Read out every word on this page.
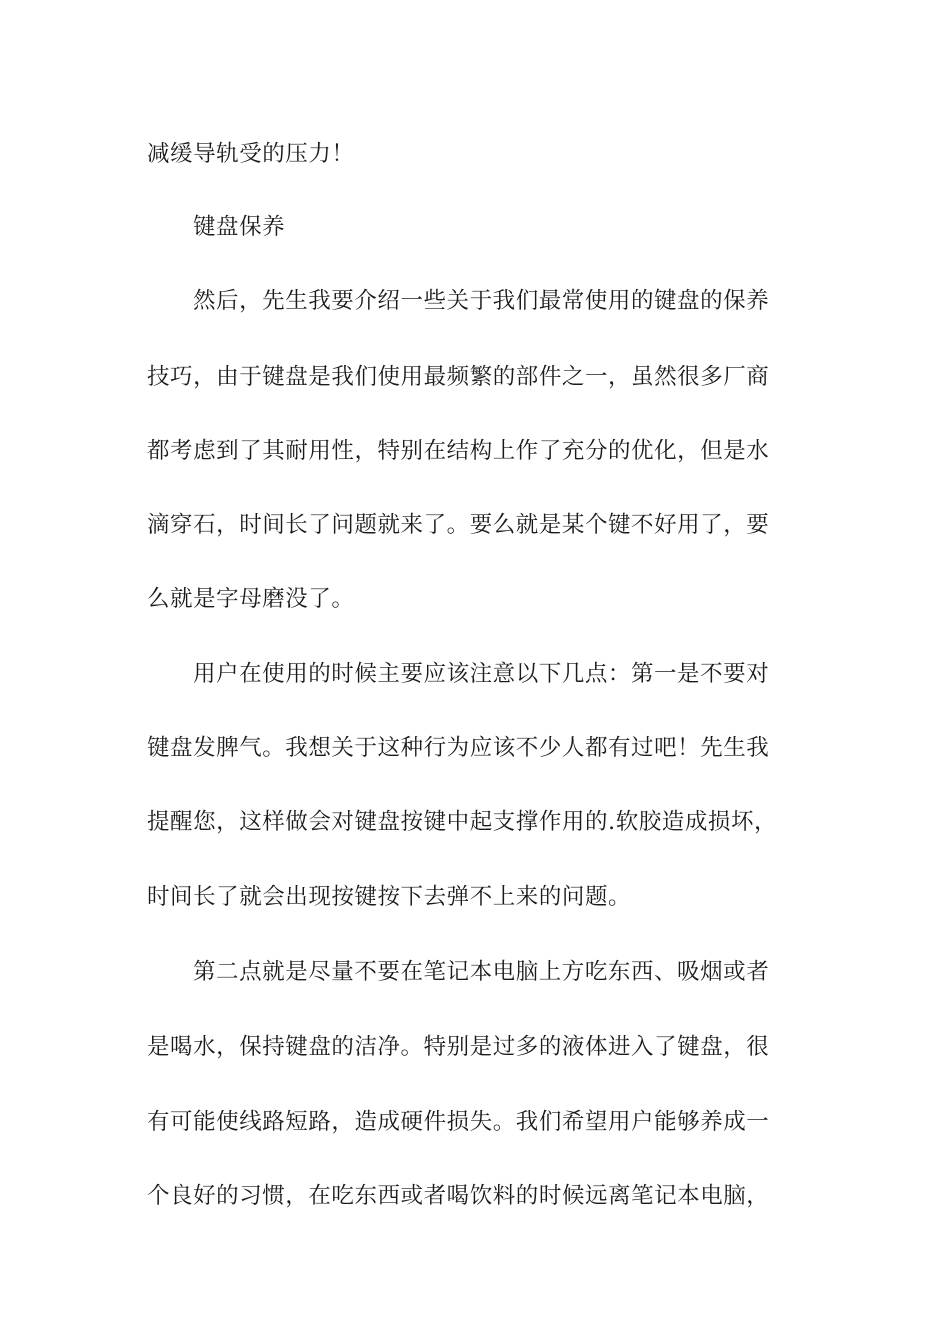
减缓导轨受的压力！
键盘保养
然后，先生我要介绍一些关于我们最常使用的键盘的保养
技巧，由于键盘是我们使用最频繁的部件之一，虽然很多厂商
都考虑到了其耐用性，特别在结构上作了充分的优化，但是水
滴穿石，时间长了问题就来了。要么就是某个键不好用了，要
么就是字母磨没了。
用户在使用的时候主要应该注意以下几点：第一是不要对
键盘发脾气。我想关于这种行为应该不少人都有过吧！先生我
提醒您，这样做会对键盘按键中起支撑作用的.软胶造成损坏，
时间长了就会出现按键按下去弹不上来的问题。
第二点就是尽量不要在笔记本电脑上方吃东西、吸烟或者
是喝水，保持键盘的洁净。特别是过多的液体进入了键盘，很
有可能使线路短路，造成硬件损失。我们希望用户能够养成一
个良好的习惯，在吃东西或者喝饮料的时候远离笔记本电脑，
